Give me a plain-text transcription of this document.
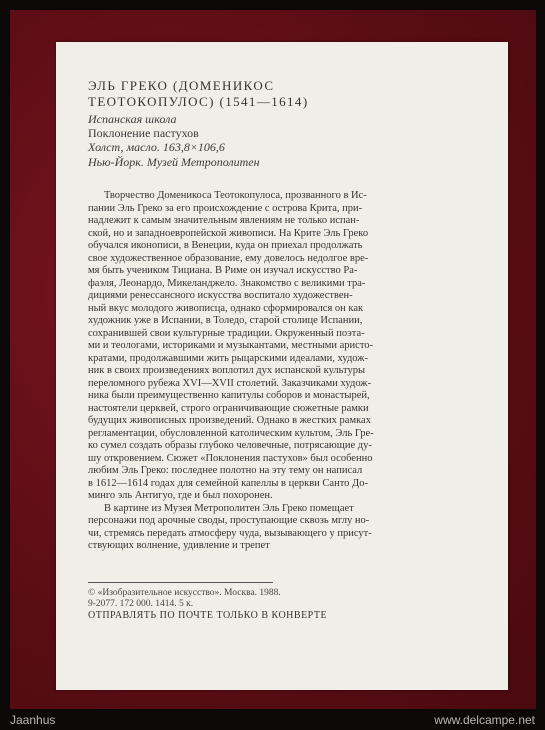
ЭЛЬ ГРЕКО (ДОМЕНИКОС
ТЕОТОКОПУЛОС) (1541—1614)
Испанская школа
Поклонение пастухов
Холст, масло. 163,8×106,6
Нью-Йорк. Музей Метрополитен
Творчество Доменикоса Теотокопулоса, прозванного в Ис-
пании Эль Греко за его происхождение с острова Крита, при-
надлежит к самым значительным явлениям не только испан-
ской, но и западноевропейской живописи. На Крите Эль Греко
обучался иконописи, в Венеции, куда он приехал продолжать
свое художественное образование, ему довелось недолгое вре-
мя быть учеником Тициана. В Риме он изучал искусство Ра-
фаэля, Леонардо, Микеланджело. Знакомство с великими тра-
дициями ренессансного искусства воспитало художествен-
ный вкус молодого живописца, однако сформировался он как
художник уже в Испании, в Толедо, старой столице Испании,
сохранившей свои культурные традиции. Окруженный поэта-
ми и теологами, историками и музыкантами, местными аристо-
кратами, продолжавшими жить рыцарскими идеалами, худож-
ник в своих произведениях воплотил дух испанской культуры
переломного рубежа XVI—XVII столетий. Заказчиками худож-
ника были преимущественно капитулы соборов и монастырей,
настоятели церквей, строго ограничивающие сюжетные рамки
будущих живописных произведений. Однако в жестких рамках
регламентации, обусловленной католическим культом, Эль Гре-
ко сумел создать образы глубоко человечные, потрясающие ду-
шу откровением. Сюжет «Поклонения пастухов» был особенно
любим Эль Греко: последнее полотно на эту тему он написал
в 1612—1614 годах для семейной капеллы в церкви Санто До-
минго эль Антигуо, где и был похоронен.
В картине из Музея Метрополитен Эль Греко помещает
персонажи под арочные своды, проступающие сквозь мглу но-
чи, стремясь передать атмосферу чуда, вызывающего у присут-
ствующих волнение, удивление и трепет
© «Изобразительное искусство». Москва. 1988.
9-2077. 172 000. 1414. 5 к.
ОТПРАВЛЯТЬ ПО ПОЧТЕ ТОЛЬКО В КОНВЕРТЕ
Jaanhus	www.delcampe.net
